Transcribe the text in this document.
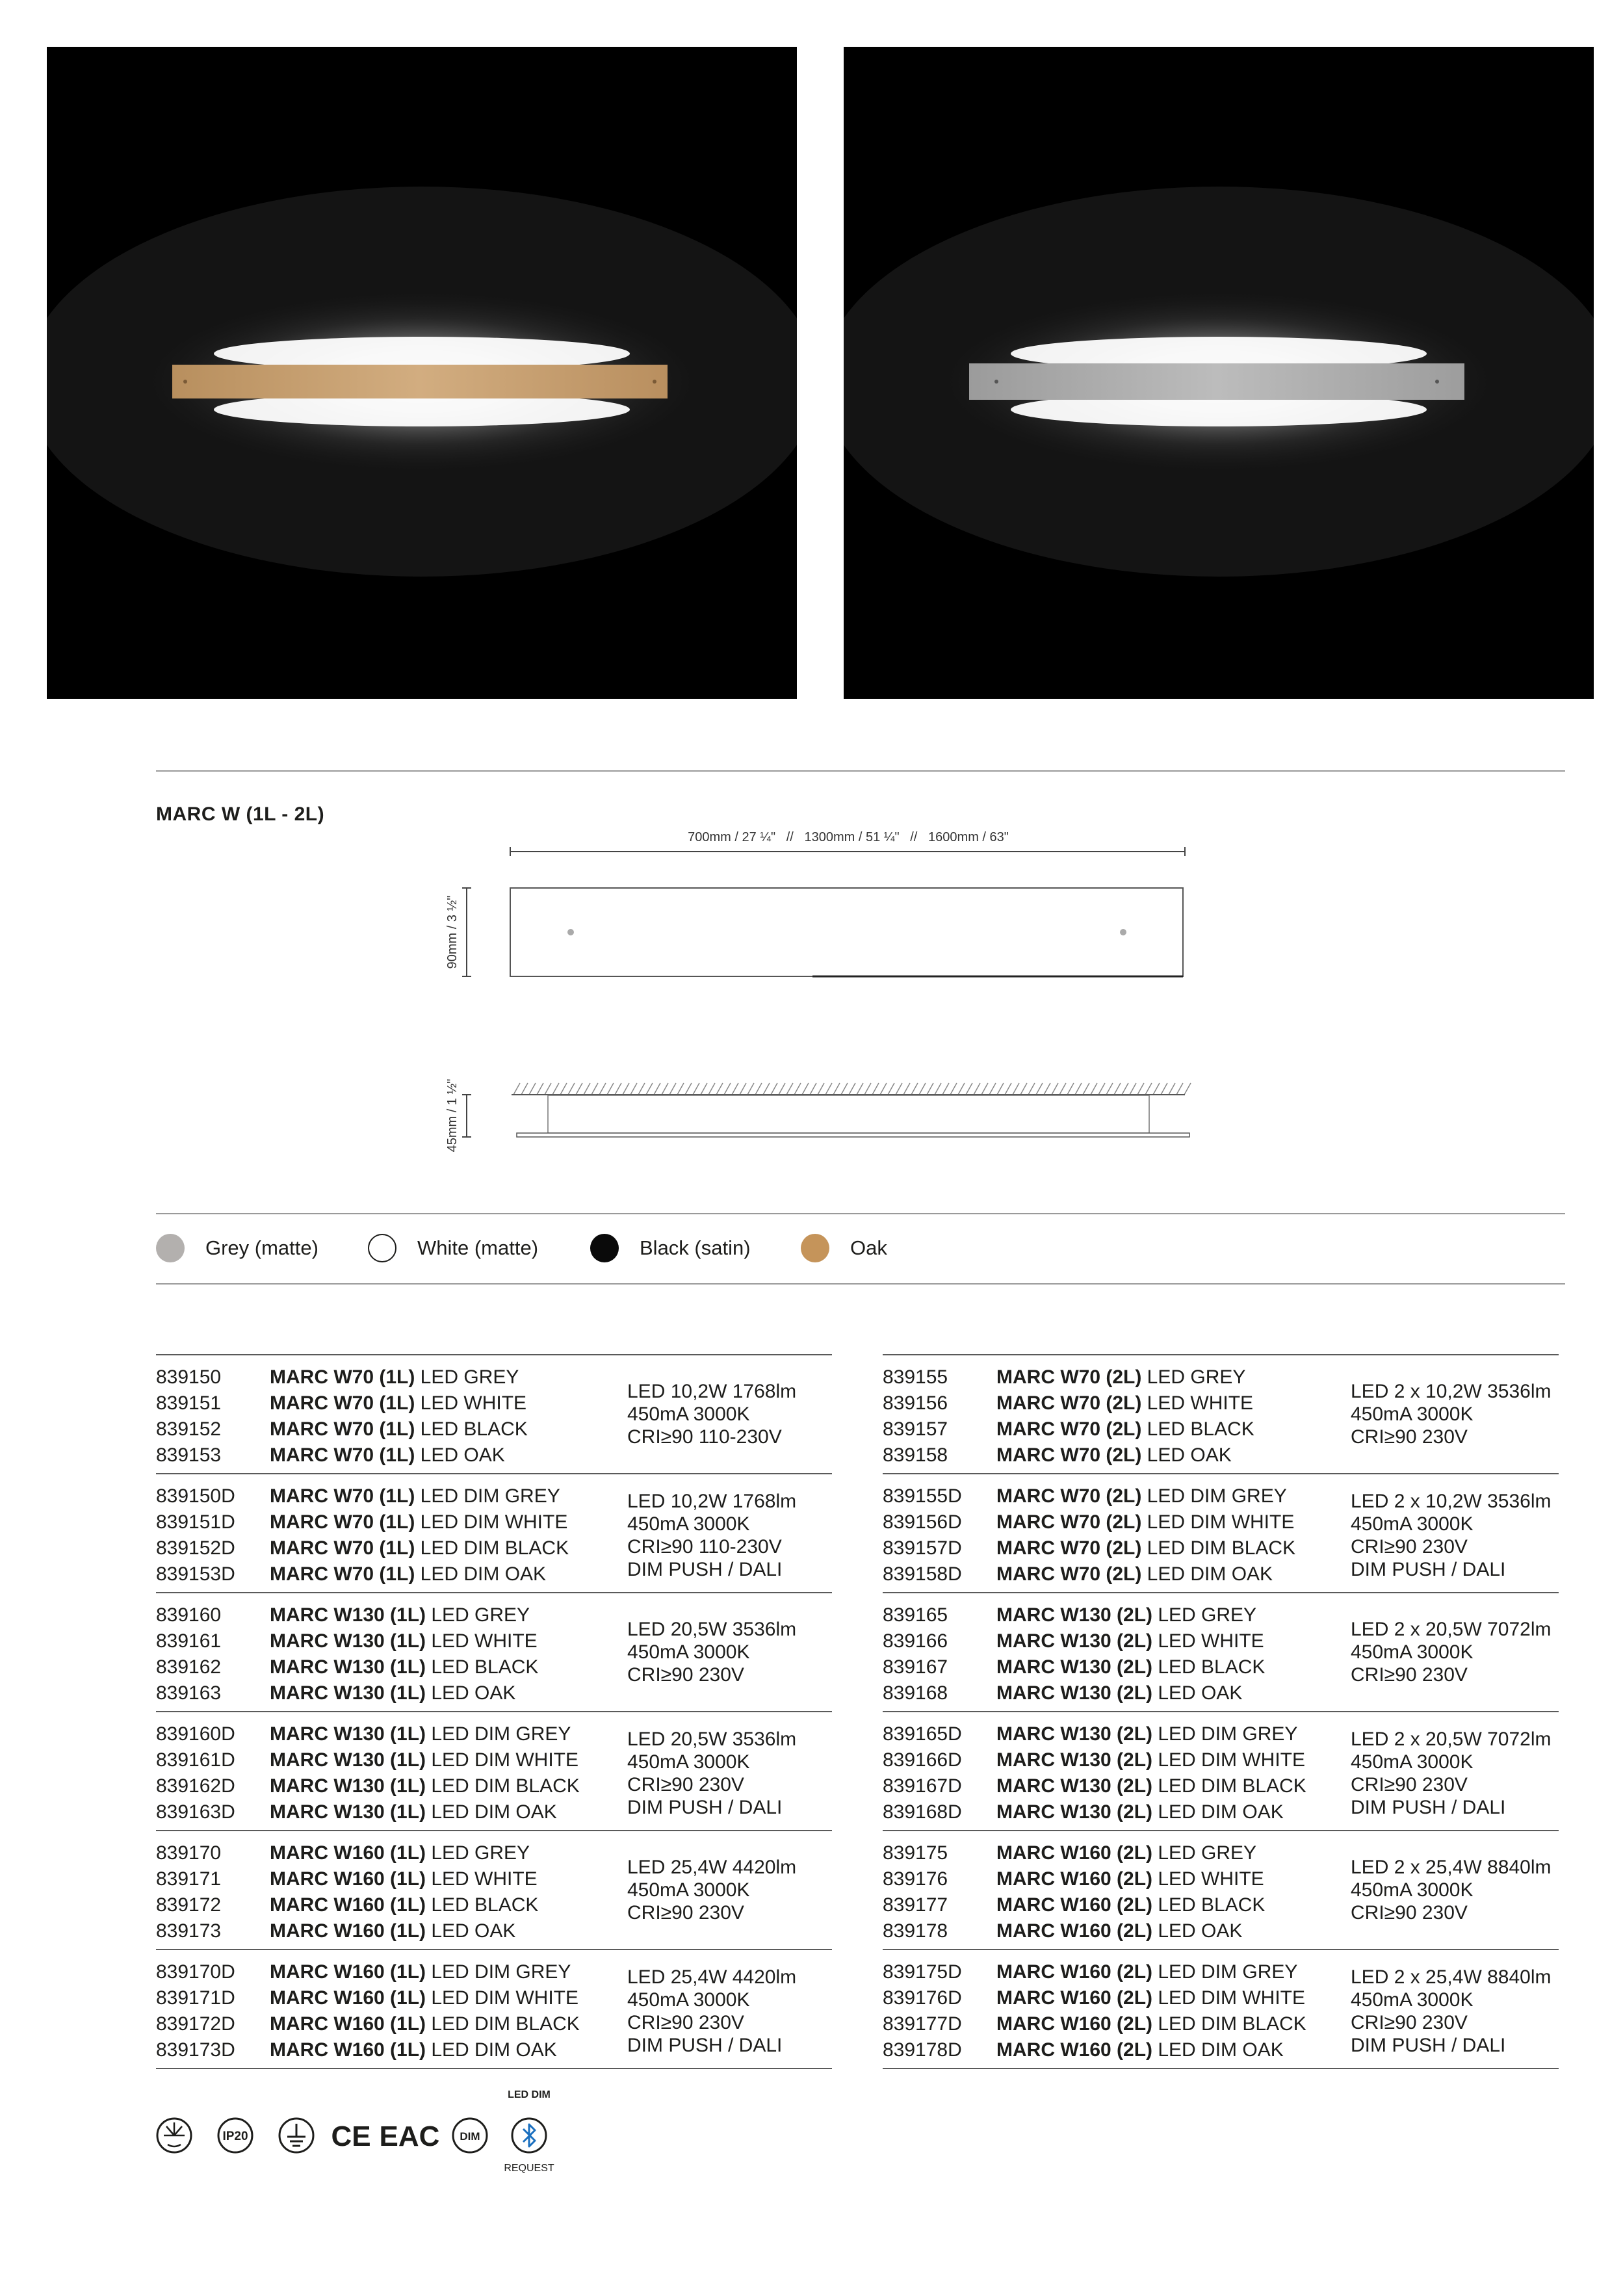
MARC W (1L - 2L)
700mm / 27 ¼"   //   1300mm / 51 ¼"   //   1600mm / 63"
90mm / 3 ½"
45mm / 1 ½"
Grey (matte)	White (matte)	Black (satin)	Oak
839150	MARC W70 (1L) LED GREY
839151	MARC W70 (1L) LED WHITE
839152	MARC W70 (1L) LED BLACK
839153	MARC W70 (1L) LED OAK
LED 10,2W 1768lm
450mA 3000K
CRI≥90 110-230V
839150D	MARC W70 (1L) LED DIM GREY
839151D	MARC W70 (1L) LED DIM WHITE
839152D	MARC W70 (1L) LED DIM BLACK
839153D	MARC W70 (1L) LED DIM OAK
LED 10,2W 1768lm
450mA 3000K
CRI≥90 110-230V
DIM PUSH / DALI
839160	MARC W130 (1L) LED GREY
839161	MARC W130 (1L) LED WHITE
839162	MARC W130 (1L) LED BLACK
839163	MARC W130 (1L) LED OAK
LED 20,5W 3536lm
450mA 3000K
CRI≥90 230V
839160D	MARC W130 (1L) LED DIM GREY
839161D	MARC W130 (1L) LED DIM WHITE
839162D	MARC W130 (1L) LED DIM BLACK
839163D	MARC W130 (1L) LED DIM OAK
LED 20,5W 3536lm
450mA 3000K
CRI≥90 230V
DIM PUSH / DALI
839170	MARC W160 (1L) LED GREY
839171	MARC W160 (1L) LED WHITE
839172	MARC W160 (1L) LED BLACK
839173	MARC W160 (1L) LED OAK
LED 25,4W 4420lm
450mA 3000K
CRI≥90 230V
839170D	MARC W160 (1L) LED DIM GREY
839171D	MARC W160 (1L) LED DIM WHITE
839172D	MARC W160 (1L) LED DIM BLACK
839173D	MARC W160 (1L) LED DIM OAK
LED 25,4W 4420lm
450mA 3000K
CRI≥90 230V
DIM PUSH / DALI
839155	MARC W70 (2L) LED GREY
839156	MARC W70 (2L) LED WHITE
839157	MARC W70 (2L) LED BLACK
839158	MARC W70 (2L) LED OAK
LED 2 x 10,2W 3536lm
450mA 3000K
CRI≥90 230V
839155D	MARC W70 (2L) LED DIM GREY
839156D	MARC W70 (2L) LED DIM WHITE
839157D	MARC W70 (2L) LED DIM BLACK
839158D	MARC W70 (2L) LED DIM OAK
LED 2 x 10,2W 3536lm
450mA 3000K
CRI≥90 230V
DIM PUSH / DALI
839165	MARC W130 (2L) LED GREY
839166	MARC W130 (2L) LED WHITE
839167	MARC W130 (2L) LED BLACK
839168	MARC W130 (2L) LED OAK
LED 2 x 20,5W 7072lm
450mA 3000K
CRI≥90 230V
839165D	MARC W130 (2L) LED DIM GREY
839166D	MARC W130 (2L) LED DIM WHITE
839167D	MARC W130 (2L) LED DIM BLACK
839168D	MARC W130 (2L) LED DIM OAK
LED 2 x 20,5W 7072lm
450mA 3000K
CRI≥90 230V
DIM PUSH / DALI
839175	MARC W160 (2L) LED GREY
839176	MARC W160 (2L) LED WHITE
839177	MARC W160 (2L) LED BLACK
839178	MARC W160 (2L) LED OAK
LED 2 x 25,4W 8840lm
450mA 3000K
CRI≥90 230V
839175D	MARC W160 (2L) LED DIM GREY
839176D	MARC W160 (2L) LED DIM WHITE
839177D	MARC W160 (2L) LED DIM BLACK
839178D	MARC W160 (2L) LED DIM OAK
LED 2 x 25,4W 8840lm
450mA 3000K
CRI≥90 230V
DIM PUSH / DALI
IP20	CE EAC DIM
LED DIM
REQUEST
